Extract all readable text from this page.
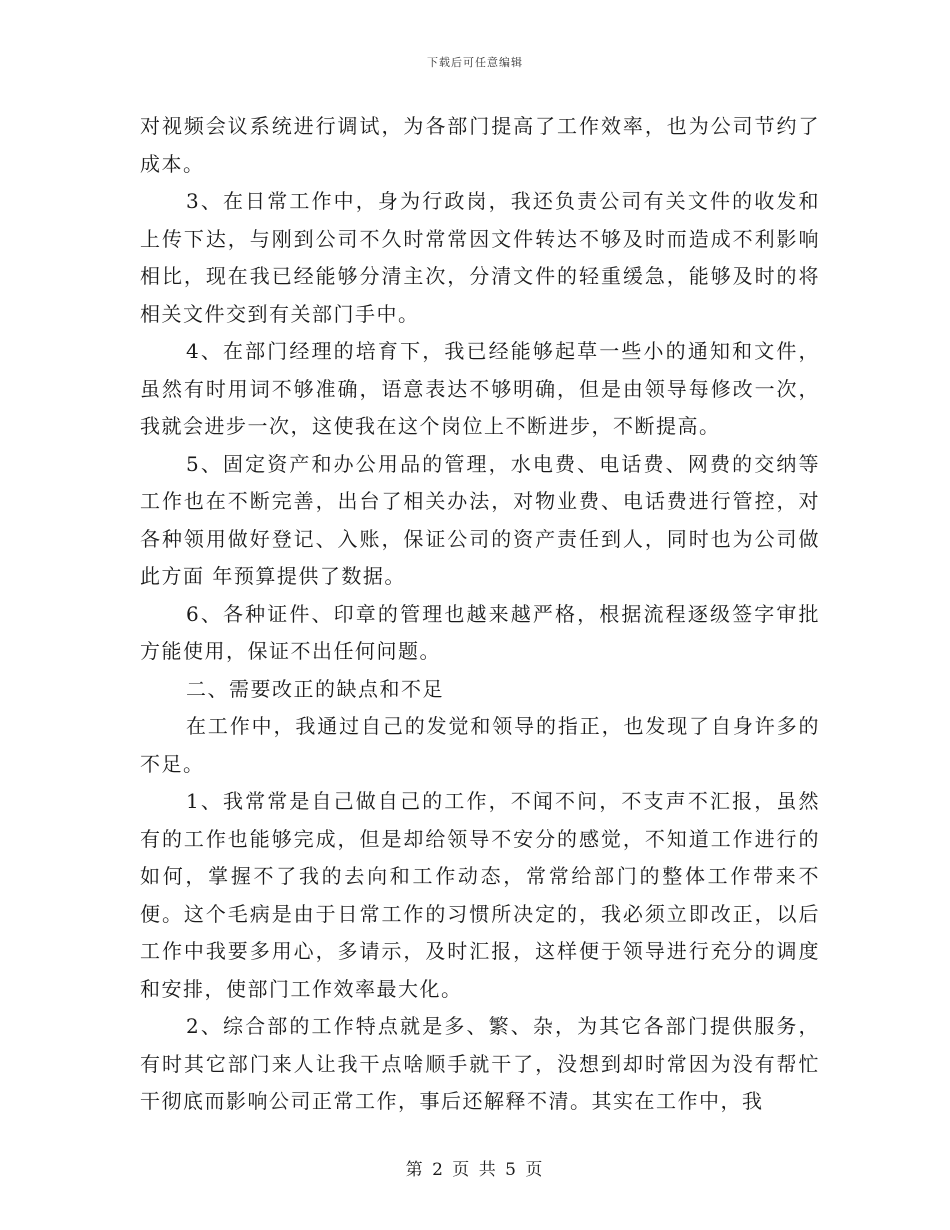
下载后可任意编辑

对视频会议系统进行调试，为各部门提高了工作效率，也为公司节约了成本。

3、在日常工作中，身为行政岗，我还负责公司有关文件的收发和上传下达，与刚到公司不久时常常因文件转达不够及时而造成不利影响相比，现在我已经能够分清主次，分清文件的轻重缓急，能够及时的将相关文件交到有关部门手中。

4、在部门经理的培育下，我已经能够起草一些小的通知和文件，虽然有时用词不够准确，语意表达不够明确，但是由领导每修改一次，我就会进步一次，这使我在这个岗位上不断进步，不断提高。

5、固定资产和办公用品的管理，水电费、电话费、网费的交纳等工作也在不断完善，出台了相关办法，对物业费、电话费进行管控，对各种领用做好登记、入账，保证公司的资产责任到人，同时也为公司做此方面 年预算提供了数据。

6、各种证件、印章的管理也越来越严格，根据流程逐级签字审批方能使用，保证不出任何问题。

二、需要改正的缺点和不足

在工作中，我通过自己的发觉和领导的指正，也发现了自身许多的不足。

1、我常常是自己做自己的工作，不闻不问，不支声不汇报，虽然有的工作也能够完成，但是却给领导不安分的感觉，不知道工作进行的如何，掌握不了我的去向和工作动态，常常给部门的整体工作带来不便。这个毛病是由于日常工作的习惯所决定的，我必须立即改正，以后工作中我要多用心，多请示，及时汇报，这样便于领导进行充分的调度和安排，使部门工作效率最大化。

2、综合部的工作特点就是多、繁、杂，为其它各部门提供服务，有时其它部门来人让我干点啥顺手就干了，没想到却时常因为没有帮忙干彻底而影响公司正常工作，事后还解释不清。其实在工作中，我

第 2 页 共 5 页
